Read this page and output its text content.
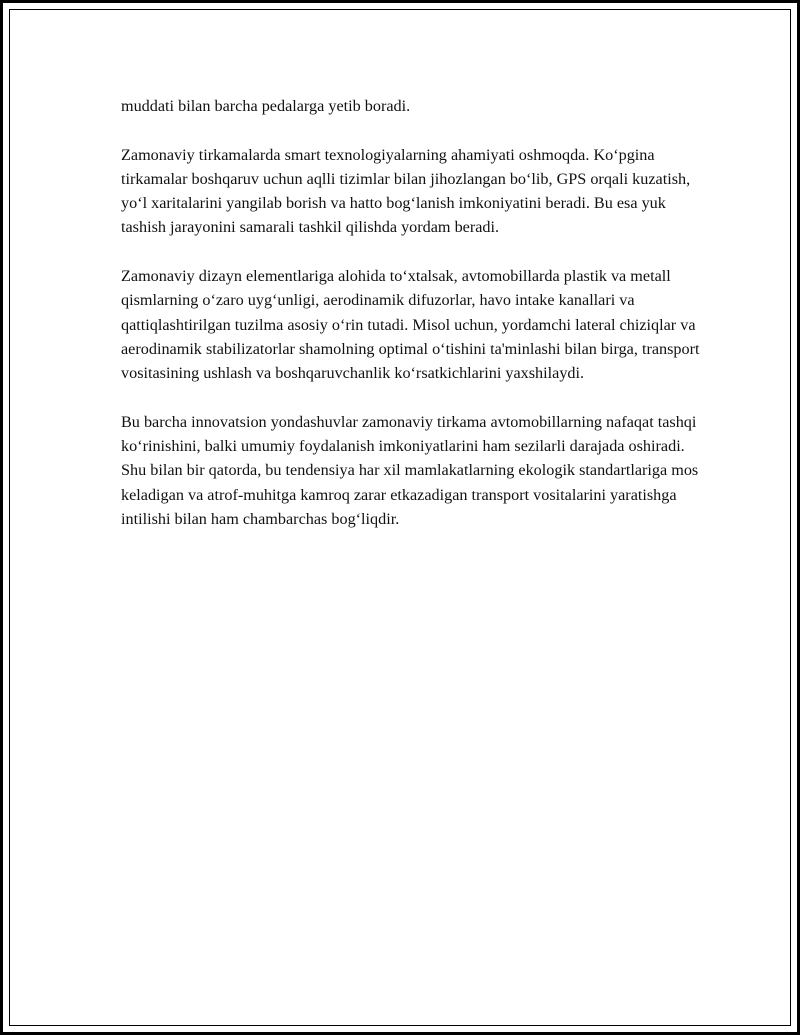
muddati bilan barcha pedalarga yetib boradi.

Zamonaviy tirkamalarda smart texnologiyalarning ahamiyati oshmoqda. Ko‘pgina tirkamalar boshqaruv uchun aqlli tizimlar bilan jihozlangan bo‘lib, GPS orqali kuzatish, yo‘l xaritalarini yangilab borish va hatto bog‘lanish imkoniyatini beradi. Bu esa yuk tashish jarayonini samarali tashkil qilishda yordam beradi.

Zamonaviy dizayn elementlariga alohida to‘xtalsak, avtomobillarda plastik va metall qismlarning o‘zaro uyg‘unligi, aerodinamik difuzorlar, havo intake kanallari va qattiqlashtirilgan tuzilma asosiy o‘rin tutadi. Misol uchun, yordamchi lateral chiziqlar va aerodinamik stabilizatorlar shamolning optimal o‘tishini ta'minlashi bilan birga, transport vositasining ushlash va boshqaruvchanlik ko‘rsatkichlarini yaxshilaydi.

Bu barcha innovatsion yondashuvlar zamonaviy tirkama avtomobillarning nafaqat tashqi ko‘rinishini, balki umumiy foydalanish imkoniyatlarini ham sezilarli darajada oshiradi. Shu bilan bir qatorda, bu tendensiya har xil mamlakatlarning ekologik standartlariga mos keladigan va atrof-muhitga kamroq zarar etkazadigan transport vositalarini yaratishga intilishi bilan ham chambarchas bog‘liqdir.
